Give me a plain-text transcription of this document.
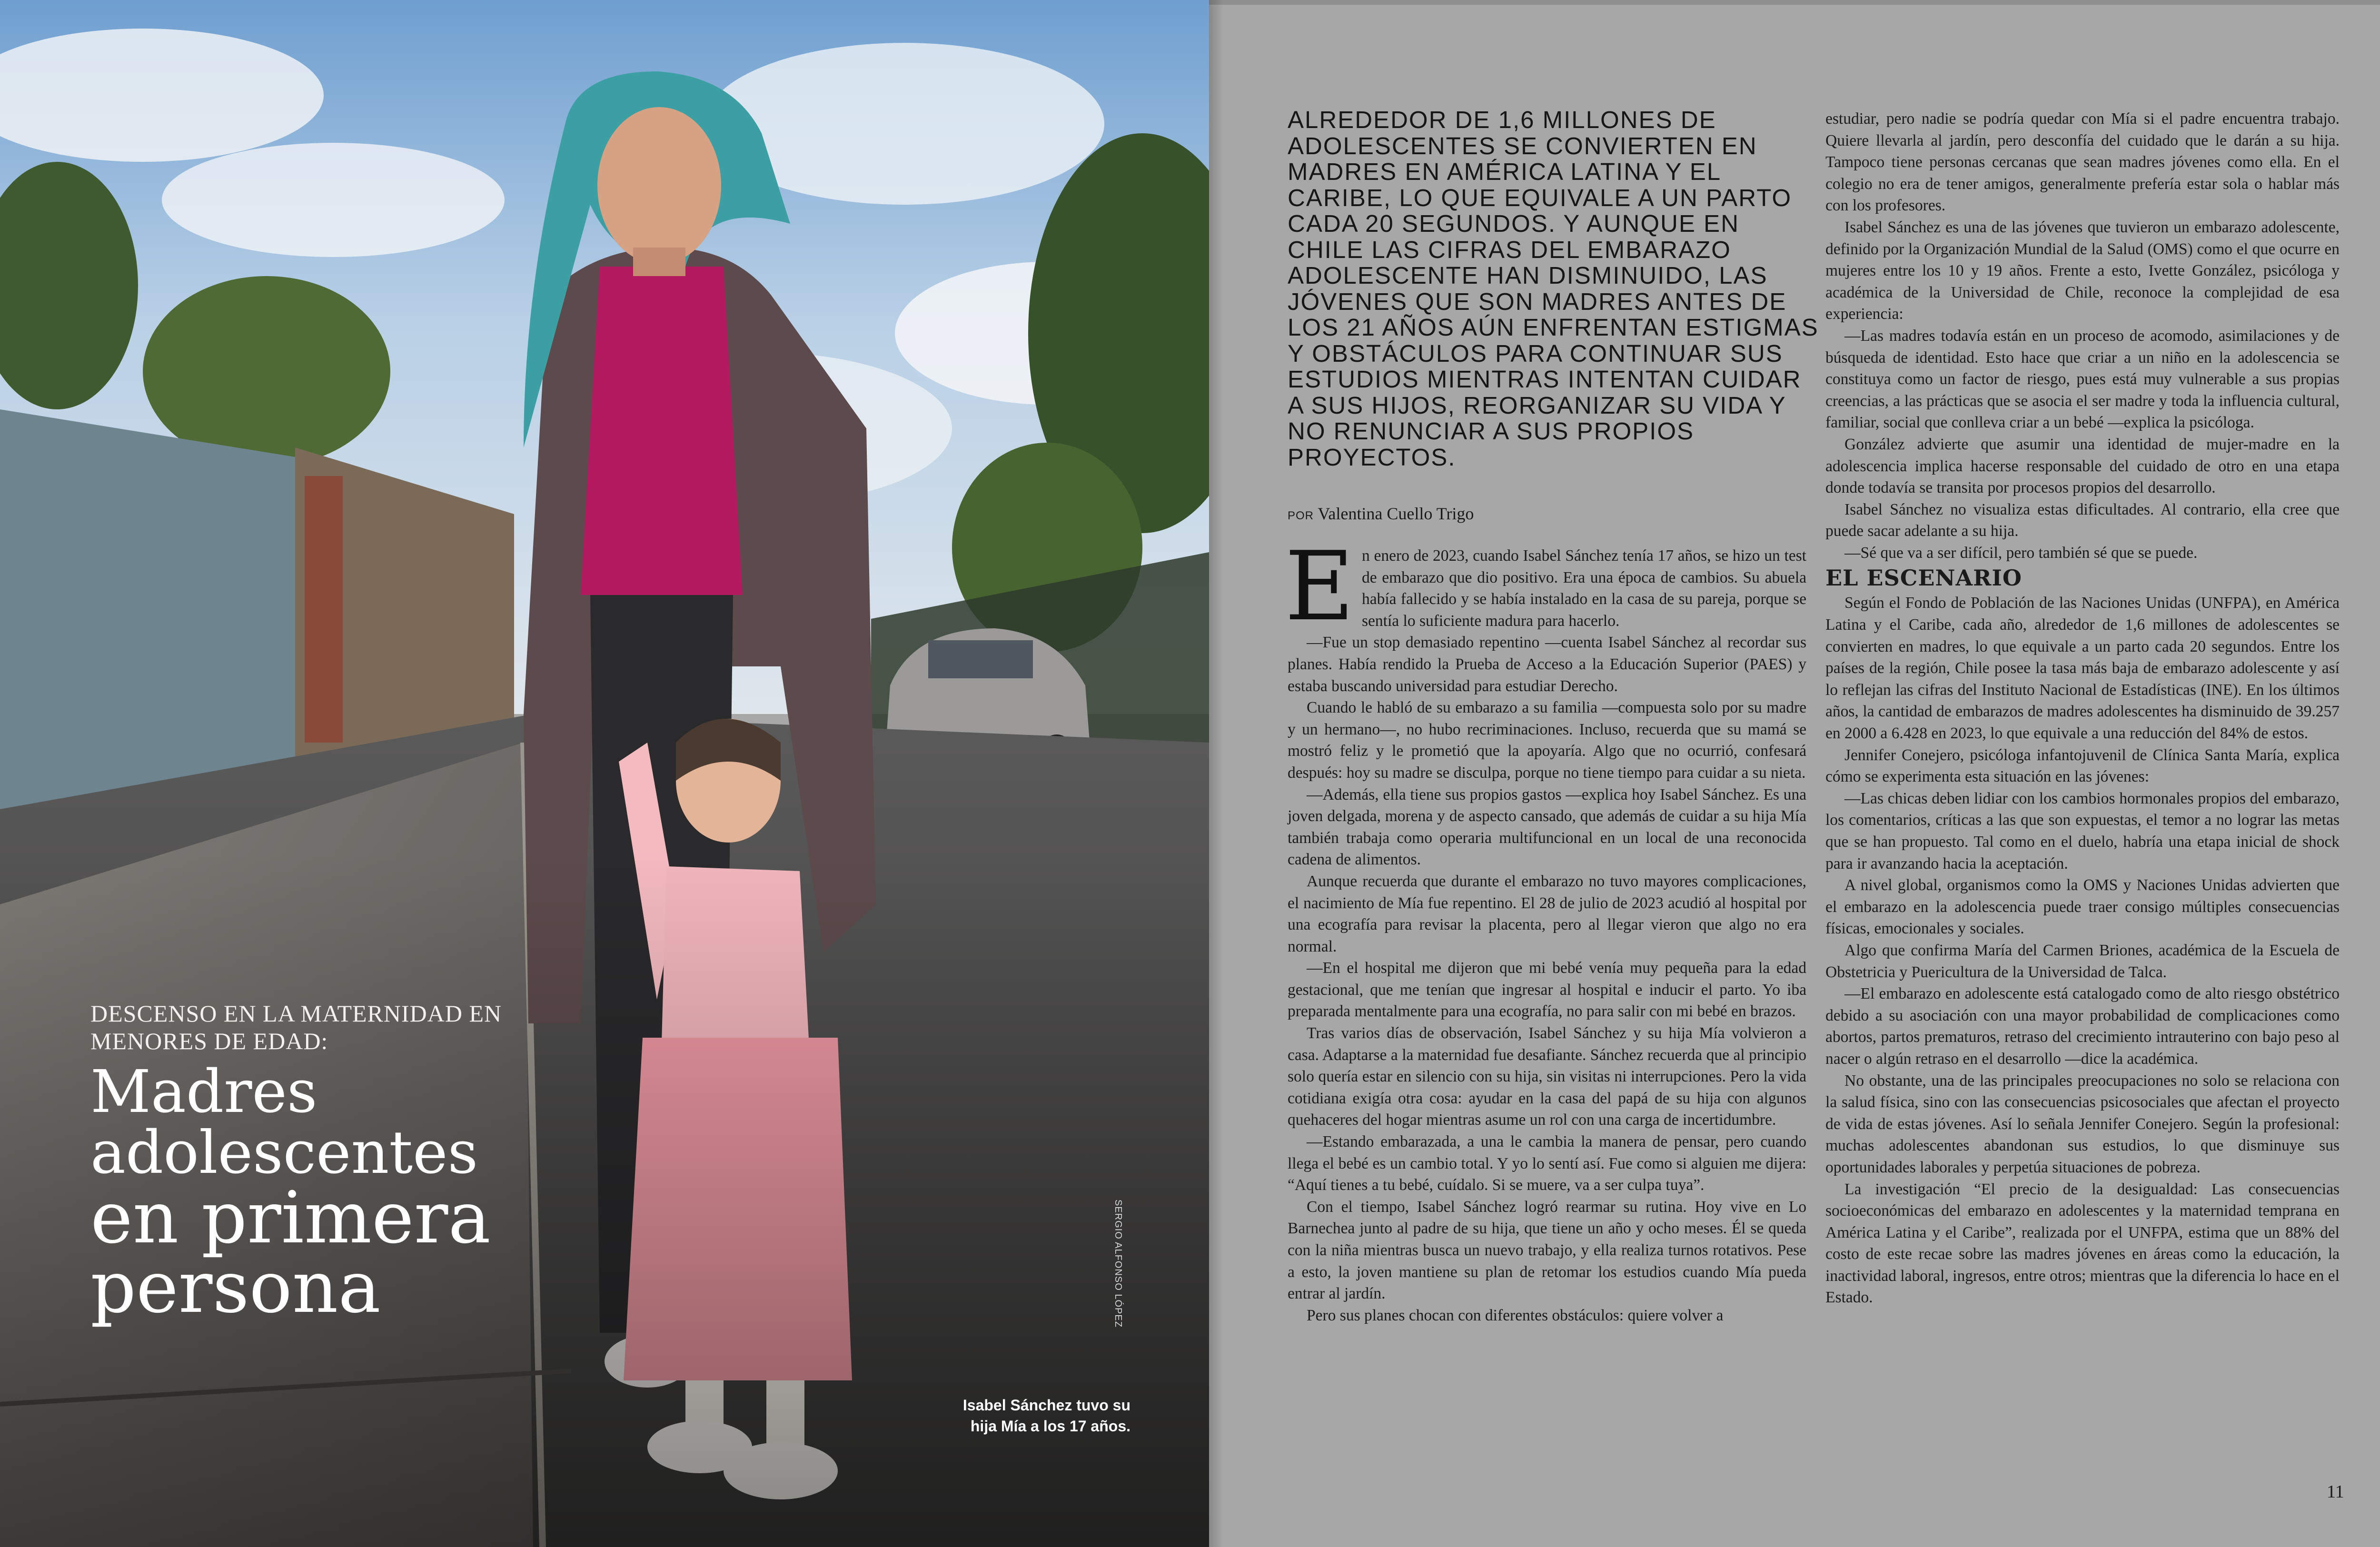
DESCENSO EN LA MATERNIDAD EN MENORES DE EDAD:
Madres
adolescentes
en primera
persona	SERGIO ALFONSO LÓPEZ
Isabel Sánchez tuvo su hija Mía a los 17 años.
ALREDEDOR DE 1,6 MILLONES DE ADOLESCENTES SE CONVIERTEN EN MADRES EN AMÉRICA LATINA Y EL CARIBE, LO QUE EQUIVALE A UN PARTO CADA 20 SEGUNDOS. Y AUNQUE EN CHILE LAS CIFRAS DEL EMBARAZO ADOLESCENTE HAN DISMINUIDO, LAS JÓVENES QUE SON MADRES ANTES DE LOS 21 AÑOS AÚN ENFRENTAN ESTIGMAS Y OBSTÁCULOS PARA CONTINUAR SUS ESTUDIOS MIENTRAS INTENTAN CUIDAR A SUS HIJOS, REORGANIZAR SU VIDA Y NO RENUNCIAR A SUS PROPIOS PROYECTOS.
POR Valentina Cuello Trigo
E n enero de 2023, cuando Isabel Sánchez tenía 17 años, se hizo un test de embarazo que dio positivo. Era una época de cambios. Su abuela había fallecido y se había instalado en la casa de su pareja, porque se sentía lo suficiente madura para hacerlo.

—Fue un stop demasiado repentino —cuenta Isabel Sánchez al recordar sus planes. Había rendido la Prueba de Acceso a la Educación Superior (PAES) y estaba buscando universidad para estudiar Derecho.

Cuando le habló de su embarazo a su familia —compuesta solo por su madre y un hermano—, no hubo recriminaciones. Incluso, recuerda que su mamá se mostró feliz y le prometió que la apoyaría. Algo que no ocurrió, confesará después: hoy su madre se disculpa, porque no tiene tiempo para cuidar a su nieta.

—Además, ella tiene sus propios gastos —explica hoy Isabel Sánchez. Es una joven delgada, morena y de aspecto cansado, que además de cuidar a su hija Mía también trabaja como operaria multifuncional en un local de una reconocida cadena de alimentos.

Aunque recuerda que durante el embarazo no tuvo mayores complicaciones, el nacimiento de Mía fue repentino. El 28 de julio de 2023 acudió al hospital por una ecografía para revisar la placenta, pero al llegar vieron que algo no era normal.

—En el hospital me dijeron que mi bebé venía muy pequeña para la edad gestacional, que me tenían que ingresar al hospital e inducir el parto. Yo iba preparada mentalmente para una ecografía, no para salir con mi bebé en brazos.

Tras varios días de observación, Isabel Sánchez y su hija Mía volvieron a casa. Adaptarse a la maternidad fue desafiante. Sánchez recuerda que al principio solo quería estar en silencio con su hija, sin visitas ni interrupciones. Pero la vida cotidiana exigía otra cosa: ayudar en la casa del papá de su hija con algunos quehaceres del hogar mientras asume un rol con una carga de incertidumbre.

—Estando embarazada, a una le cambia la manera de pensar, pero cuando llega el bebé es un cambio total. Y yo lo sentí así. Fue como si alguien me dijera: “Aquí tienes a tu bebé, cuídalo. Si se muere, va a ser culpa tuya”.

Con el tiempo, Isabel Sánchez logró rearmar su rutina. Hoy vive en Lo Barnechea junto al padre de su hija, que tiene un año y ocho meses. Él se queda con la niña mientras busca un nuevo trabajo, y ella realiza turnos rotativos. Pese a esto, la joven mantiene su plan de retomar los estudios cuando Mía pueda entrar al jardín.

Pero sus planes chocan con diferentes obstáculos: quiere volver a

estudiar, pero nadie se podría quedar con Mía si el padre encuentra trabajo. Quiere llevarla al jardín, pero desconfía del cuidado que le darán a su hija. Tampoco tiene personas cercanas que sean madres jóvenes como ella. En el colegio no era de tener amigos, generalmente prefería estar sola o hablar más con los profesores.

Isabel Sánchez es una de las jóvenes que tuvieron un embarazo adolescente, definido por la Organización Mundial de la Salud (OMS) como el que ocurre en mujeres entre los 10 y 19 años. Frente a esto, Ivette González, psicóloga y académica de la Universidad de Chile, reconoce la complejidad de esa experiencia:

—Las madres todavía están en un proceso de acomodo, asimilaciones y de búsqueda de identidad. Esto hace que criar a un niño en la adolescencia se constituya como un factor de riesgo, pues está muy vulnerable a sus propias creencias, a las prácticas que se asocia el ser madre y toda la influencia cultural, familiar, social que conlleva criar a un bebé —explica la psicóloga.

González advierte que asumir una identidad de mujer-madre en la adolescencia implica hacerse responsable del cuidado de otro en una etapa donde todavía se transita por procesos propios del desarrollo.

Isabel Sánchez no visualiza estas dificultades. Al contrario, ella cree que puede sacar adelante a su hija.

—Sé que va a ser difícil, pero también sé que se puede.

EL ESCENARIO

Según el Fondo de Población de las Naciones Unidas (UNFPA), en América Latina y el Caribe, cada año, alrededor de 1,6 millones de adolescentes se convierten en madres, lo que equivale a un parto cada 20 segundos. Entre los países de la región, Chile posee la tasa más baja de embarazo adolescente y así lo reflejan las cifras del Instituto Nacional de Estadísticas (INE). En los últimos años, la cantidad de embarazos de madres adolescentes ha disminuido de 39.257 en 2000 a 6.428 en 2023, lo que equivale a una reducción del 84% de estos.

Jennifer Conejero, psicóloga infantojuvenil de Clínica Santa María, explica cómo se experimenta esta situación en las jóvenes:

—Las chicas deben lidiar con los cambios hormonales propios del embarazo, los comentarios, críticas a las que son expuestas, el temor a no lograr las metas que se han propuesto. Tal como en el duelo, habría una etapa inicial de shock para ir avanzando hacia la aceptación.

A nivel global, organismos como la OMS y Naciones Unidas advierten que el embarazo en la adolescencia puede traer consigo múltiples consecuencias físicas, emocionales y sociales.

Algo que confirma María del Carmen Briones, académica de la Escuela de Obstetricia y Puericultura de la Universidad de Talca.

—El embarazo en adolescente está catalogado como de alto riesgo obstétrico debido a su asociación con una mayor probabilidad de complicaciones como abortos, partos prematuros, retraso del crecimiento intrauterino con bajo peso al nacer o algún retraso en el desarrollo —dice la académica.

No obstante, una de las principales preocupaciones no solo se relaciona con la salud física, sino con las consecuencias psicosociales que afectan el proyecto de vida de estas jóvenes. Así lo señala Jennifer Conejero. Según la profesional: muchas adolescentes abandonan sus estudios, lo que disminuye sus oportunidades laborales y perpetúa situaciones de pobreza.

La investigación “El precio de la desigualdad: Las consecuencias socioeconómicas del embarazo en adolescentes y la maternidad temprana en América Latina y el Caribe”, realizada por el UNFPA, estima que un 88% del costo de este recae sobre las madres jóvenes en áreas como la educación, la inactividad laboral, ingresos, entre otros; mientras que la diferencia lo hace en el Estado.

11
